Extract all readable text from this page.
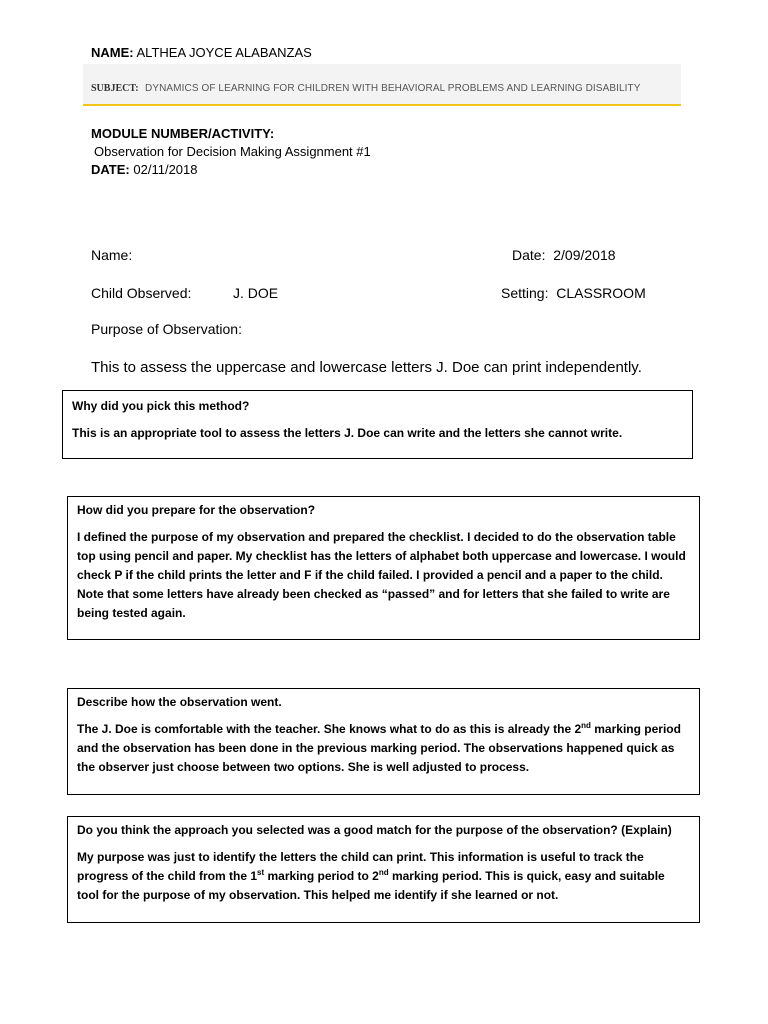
NAME: ALTHEA JOYCE ALABANZAS
SUBJECT: DYNAMICS OF LEARNING FOR CHILDREN WITH BEHAVIORAL PROBLEMS AND LEARNING DISABILITY
MODULE NUMBER/ACTIVITY:
Observation for Decision Making Assignment #1
DATE: 02/11/2018
Name:	Date: 2/09/2018
Child Observed:	J. DOE	Setting: CLASSROOM
Purpose of Observation:
This to assess the uppercase and lowercase letters J. Doe can print independently.
Why did you pick this method?
This is an appropriate tool to assess the letters J. Doe can write and the letters she cannot write.
How did you prepare for the observation?
I defined the purpose of my observation and prepared the checklist. I decided to do the observation table top using pencil and paper. My checklist has the letters of alphabet both uppercase and lowercase. I would check P if the child prints the letter and F if the child failed. I provided a pencil and a paper to the child. Note that some letters have already been checked as “passed” and for letters that she failed to write are being tested again.
Describe how the observation went.
The J. Doe is comfortable with the teacher. She knows what to do as this is already the 2nd marking period and the observation has been done in the previous marking period. The observations happened quick as the observer just choose between two options. She is well adjusted to process.
Do you think the approach you selected was a good match for the purpose of the observation? (Explain)
My purpose was just to identify the letters the child can print. This information is useful to track the progress of the child from the 1st marking period to 2nd marking period. This is quick, easy and suitable tool for the purpose of my observation. This helped me identify if she learned or not.
